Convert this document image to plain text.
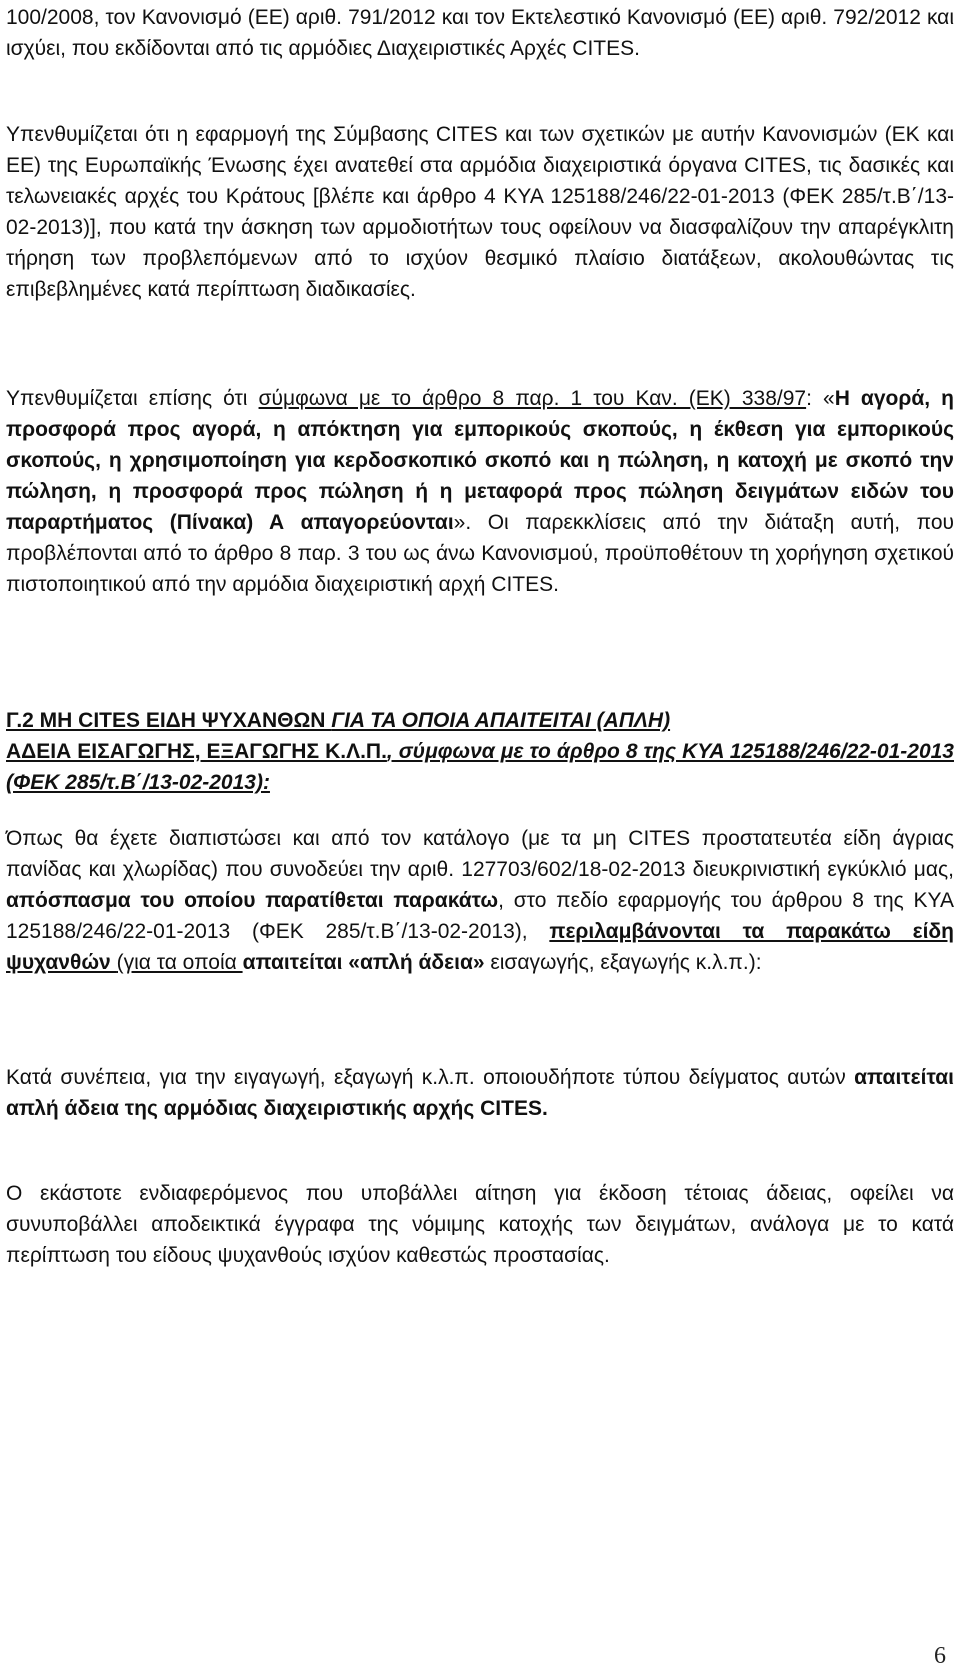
100/2008, τον Κανονισμό (ΕΕ) αριθ. 791/2012 και τον Εκτελεστικό Κανονισμό (ΕΕ) αριθ. 792/2012 και ισχύει, που εκδίδονται από τις αρμόδιες Διαχειριστικές Αρχές CITES.

Υπενθυμίζεται ότι η εφαρμογή της Σύμβασης CITES και των σχετικών με αυτήν Κανονισμών (ΕΚ και ΕΕ) της Ευρωπαϊκής Ένωσης έχει ανατεθεί στα αρμόδια διαχειριστικά όργανα CITES, τις δασικές και τελωνειακές αρχές του Κράτους [βλέπε και άρθρο 4 ΚΥΑ 125188/246/22-01-2013 (ΦΕΚ 285/τ.Β΄/13-02-2013)], που κατά την άσκηση των αρμοδιοτήτων τους οφείλουν να διασφαλίζουν την απαρέγκλιτη τήρηση των προβλεπόμενων από το ισχύον θεσμικό πλαίσιο διατάξεων, ακολουθώντας τις επιβεβλημένες κατά περίπτωση διαδικασίες.

Υπενθυμίζεται επίσης ότι σύμφωνα με το άρθρο 8 παρ. 1 του Καν. (ΕΚ) 338/97: «Η αγορά, η προσφορά προς αγορά, η απόκτηση για εμπορικούς σκοπούς, η έκθεση για εμπορικούς σκοπούς, η χρησιμοποίηση για κερδοσκοπικό σκοπό και η πώληση, η κατοχή με σκοπό την πώληση, η προσφορά προς πώληση ή η μεταφορά προς πώληση δειγμάτων ειδών του παραρτήματος (Πίνακα) Α απαγορεύονται». Οι παρεκκλίσεις από την διάταξη αυτή, που προβλέπονται από το άρθρο 8 παρ. 3 του ως άνω Κανονισμού, προϋποθέτουν τη χορήγηση σχετικού πιστοποιητικού από την αρμόδια διαχειριστική αρχή CITES.

Γ.2 ΜΗ CITES ΕΙΔΗ ΨΥΧΑΝΘΩΝ ΓΙΑ ΤΑ ΟΠΟΙΑ ΑΠΑΙΤΕΙΤΑΙ (ΑΠΛΗ)
ΑΔΕΙΑ ΕΙΣΑΓΩΓΗΣ, ΕΞΑΓΩΓΗΣ Κ.Λ.Π., σύμφωνα με το άρθρο 8 της ΚΥΑ 125188/246/22-01-2013 (ΦΕΚ 285/τ.Β΄/13-02-2013):

Όπως θα έχετε διαπιστώσει και από τον κατάλογο (με τα μη CITES προστατευτέα είδη άγριας πανίδας και χλωρίδας) που συνοδεύει την αριθ. 127703/602/18-02-2013 διευκρινιστική εγκύκλιό μας, απόσπασμα του οποίου παρατίθεται παρακάτω, στο πεδίο εφαρμογής του άρθρου 8 της ΚΥΑ 125188/246/22-01-2013 (ΦΕΚ 285/τ.Β΄/13-02-2013), περιλαμβάνονται τα παρακάτω είδη ψυχανθών (για τα οποία απαιτείται «απλή άδεια» εισαγωγής, εξαγωγής κ.λ.π.):

Κατά συνέπεια, για την ειγαγωγή, εξαγωγή κ.λ.π. οποιουδήποτε τύπου δείγματος αυτών απαιτείται απλή άδεια της αρμόδιας διαχειριστικής αρχής CITES.

Ο εκάστοτε ενδιαφερόμενος που υποβάλλει αίτηση για έκδοση τέτοιας άδειας, οφείλει να συνυποβάλλει αποδεικτικά έγγραφα της νόμιμης κατοχής των δειγμάτων, ανάλογα με το κατά περίπτωση του είδους ψυχανθούς ισχύον καθεστώς προστασίας.

6
